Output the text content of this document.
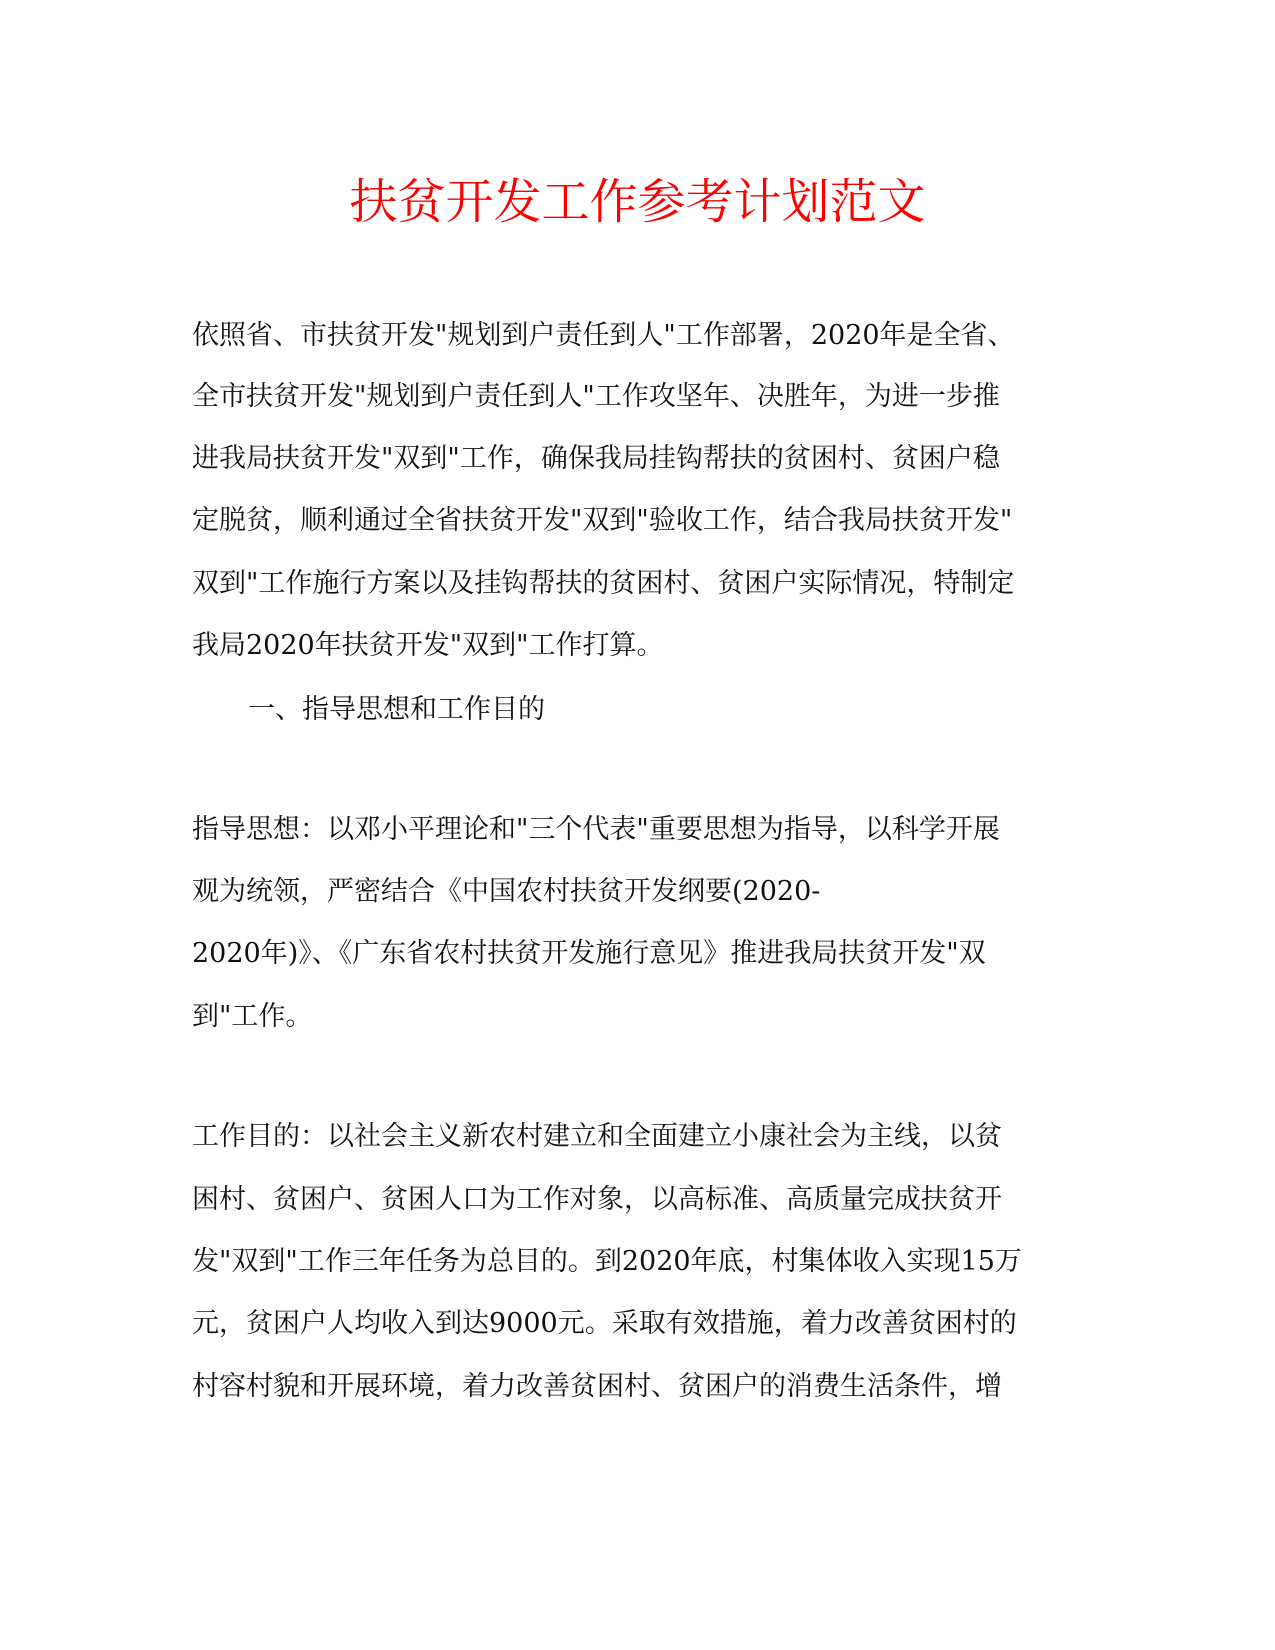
扶贫开发工作参考计划范文

依照省、市扶贫开发"规划到户责任到人"工作部署，2020年是全省、

全市扶贫开发"规划到户责任到人"工作攻坚年、决胜年，为进一步推

进我局扶贫开发"双到"工作，确保我局挂钩帮扶的贫困村、贫困户稳

定脱贫，顺利通过全省扶贫开发"双到"验收工作，结合我局扶贫开发"

双到"工作施行方案以及挂钩帮扶的贫困村、贫困户实际情况，特制定

我局2020年扶贫开发"双到"工作打算。

一、指导思想和工作目的

指导思想：以邓小平理论和"三个代表"重要思想为指导，以科学开展

观为统领，严密结合《中国农村扶贫开发纲要(2020-

2020年)》、《广东省农村扶贫开发施行意见》推进我局扶贫开发"双

到"工作。

工作目的：以社会主义新农村建立和全面建立小康社会为主线，以贫

困村、贫困户、贫困人口为工作对象，以高标准、高质量完成扶贫开

发"双到"工作三年任务为总目的。到2020年底，村集体收入实现15万

元，贫困户人均收入到达9000元。采取有效措施，着力改善贫困村的

村容村貌和开展环境，着力改善贫困村、贫困户的消费生活条件，增
